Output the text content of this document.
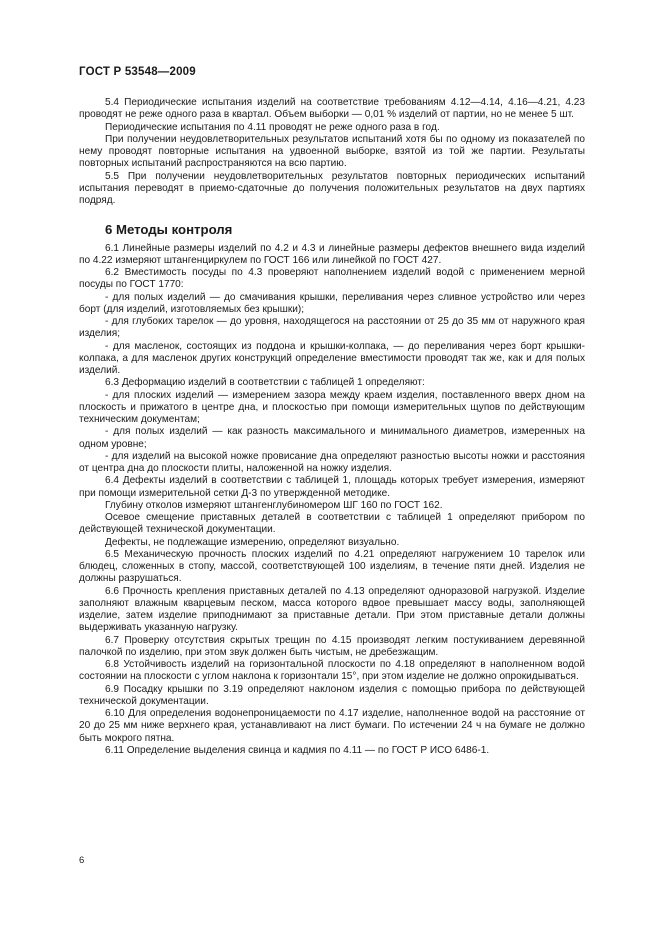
ГОСТ Р 53548—2009

5.4 Периодические испытания изделий на соответствие требованиям 4.12—4.14, 4.16—4.21, 4.23 проводят не реже одного раза в квартал. Объем выборки — 0,01 % изделий от партии, но не менее 5 шт.

Периодические испытания по 4.11 проводят не реже одного раза в год.

При получении неудовлетворительных результатов испытаний хотя бы по одному из показателей по нему проводят повторные испытания на удвоенной выборке, взятой из той же партии. Результаты повторных испытаний распространяются на всю партию.

5.5 При получении неудовлетворительных результатов повторных периодических испытаний испытания переводят в приемо-сдаточные до получения положительных результатов на двух партиях подряд.

6 Методы контроля

6.1 Линейные размеры изделий по 4.2 и 4.3 и линейные размеры дефектов внешнего вида изделий по 4.22 измеряют штангенциркулем по ГОСТ 166 или линейкой по ГОСТ 427.

6.2 Вместимость посуды по 4.3 проверяют наполнением изделий водой с применением мерной посуды по ГОСТ 1770:

- для полых изделий — до смачивания крышки, переливания через сливное устройство или через борт (для изделий, изготовляемых без крышки);

- для глубоких тарелок — до уровня, находящегося на расстоянии от 25 до 35 мм от наружного края изделия;

- для масленок, состоящих из поддона и крышки-колпака, — до переливания через борт крышки-колпака, а для масленок других конструкций определение вместимости проводят так же, как и для полых изделий.

6.3 Деформацию изделий в соответствии с таблицей 1 определяют:

- для плоских изделий — измерением зазора между краем изделия, поставленного вверх дном на плоскость и прижатого в центре дна, и плоскостью при помощи измерительных щупов по действующим техническим документам;

- для полых изделий — как разность максимального и минимального диаметров, измеренных на одном уровне;

- для изделий на высокой ножке провисание дна определяют разностью высоты ножки и расстояния от центра дна до плоскости плиты, наложенной на ножку изделия.

6.4 Дефекты изделий в соответствии с таблицей 1, площадь которых требует измерения, измеряют при помощи измерительной сетки Д-3 по утвержденной методике.

Глубину отколов измеряют штангенглубиномером ШГ 160 по ГОСТ 162.

Осевое смещение приставных деталей в соответствии с таблицей 1 определяют прибором по действующей технической документации.

Дефекты, не подлежащие измерению, определяют визуально.

6.5 Механическую прочность плоских изделий по 4.21 определяют нагружением 10 тарелок или блюдец, сложенных в стопу, массой, соответствующей 100 изделиям, в течение пяти дней. Изделия не должны разрушаться.

6.6 Прочность крепления приставных деталей по 4.13 определяют одноразовой нагрузкой. Изделие заполняют влажным кварцевым песком, масса которого вдвое превышает массу воды, заполняющей изделие, затем изделие приподнимают за приставные детали. При этом приставные детали должны выдерживать указанную нагрузку.

6.7 Проверку отсутствия скрытых трещин по 4.15 производят легким постукиванием деревянной палочкой по изделию, при этом звук должен быть чистым, не дребезжащим.

6.8 Устойчивость изделий на горизонтальной плоскости по 4.18 определяют в наполненном водой состоянии на плоскости с углом наклона к горизонтали 15°, при этом изделие не должно опрокидываться.

6.9 Посадку крышки по 3.19 определяют наклоном изделия с помощью прибора по действующей технической документации.

6.10 Для определения водонепроницаемости по 4.17 изделие, наполненное водой на расстояние от 20 до 25 мм ниже верхнего края, устанавливают на лист бумаги. По истечении 24 ч на бумаге не должно быть мокрого пятна.

6.11 Определение выделения свинца и кадмия по 4.11 — по ГОСТ Р ИСО 6486-1.

6
